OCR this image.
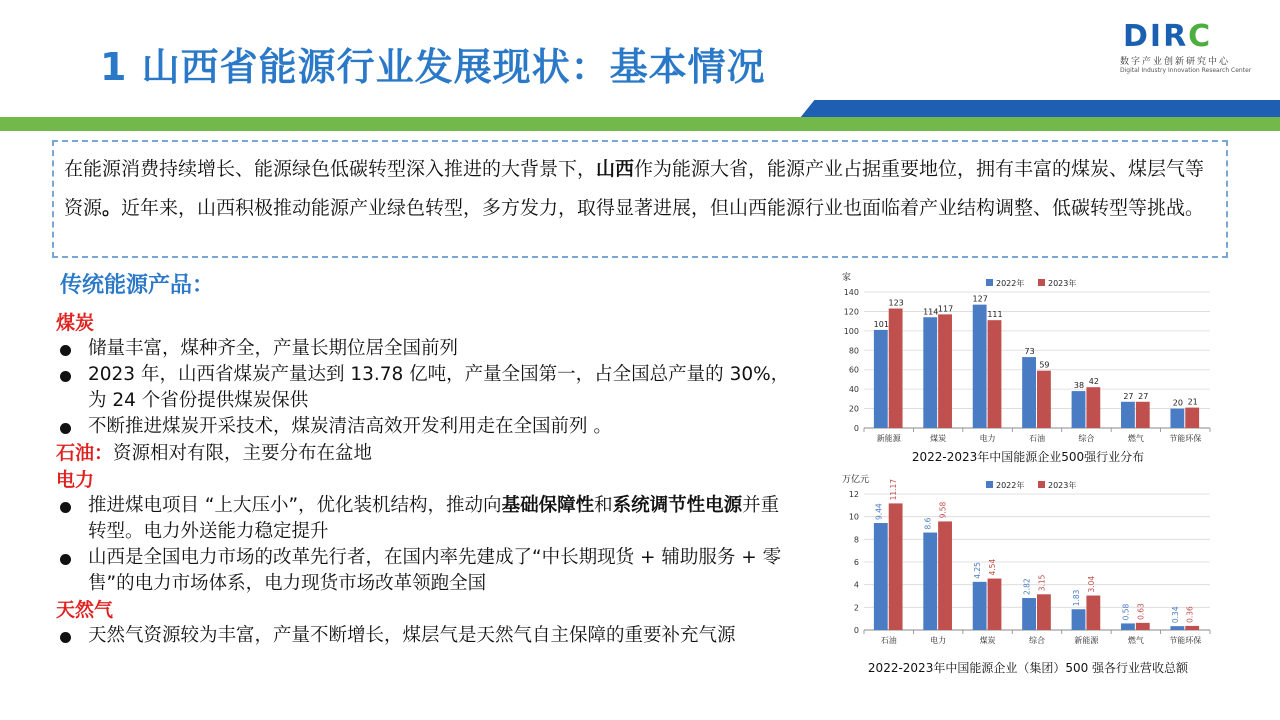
1 山西省能源行业发展现状：基本情况
DIRC
数字产业创新研究中心
Digital Industry Innovation Research Center
在能源消费持续增长、能源绿色低碳转型深入推进的大背景下，山西作为能源大省，能源产业占据重要地位，拥有丰富的煤炭、煤层气等资源。近年来，山西积极推动能源产业绿色转型，多方发力，取得显著进展，但山西能源行业也面临着产业结构调整、低碳转型等挑战。
传统能源产品：
煤炭
储量丰富，煤种齐全，产量长期位居全国前列
2023 年，山西省煤炭产量达到 13.78 亿吨，产量全国第一，占全国总产量的 30%，为 24 个省份提供煤炭保供
不断推进煤炭开采技术，煤炭清洁高效开发利用走在全国前列 。
石油：资源相对有限，主要分布在盆地
电力
推进煤电项目 “上大压小”，优化装机结构，推动向基础保障性和系统调节性电源并重转型。电力外送能力稳定提升
山西是全国电力市场的改革先行者，在国内率先建成了“中长期现货 + 辅助服务 + 零售”的电力市场体系，电力现货市场改革领跑全国
天然气
天然气资源较为丰富，产量不断增长，煤层气是天然气自主保障的重要补充气源
家
0
20
40
60
80
100
120
140
2022年	2023年
新能源
101
123
煤炭
114 117
电力
127
111
石油
73
59
综合
38 42
燃气
27 27
节能环保
20 21
2022-2023年中国能源企业500强行业分布
万亿元
0
2
4
6
8
10
12
2022年	2023年
石油
9.44
11.17
电力
8.6
9.58
煤炭
4.25 4.54
综合
2.82 3.15
新能源
1.83
3.04
燃气
0.58 0.63
节能环保
0.34 0.36
2022-2023年中国能源企业（集团）500 强各行业营收总额
